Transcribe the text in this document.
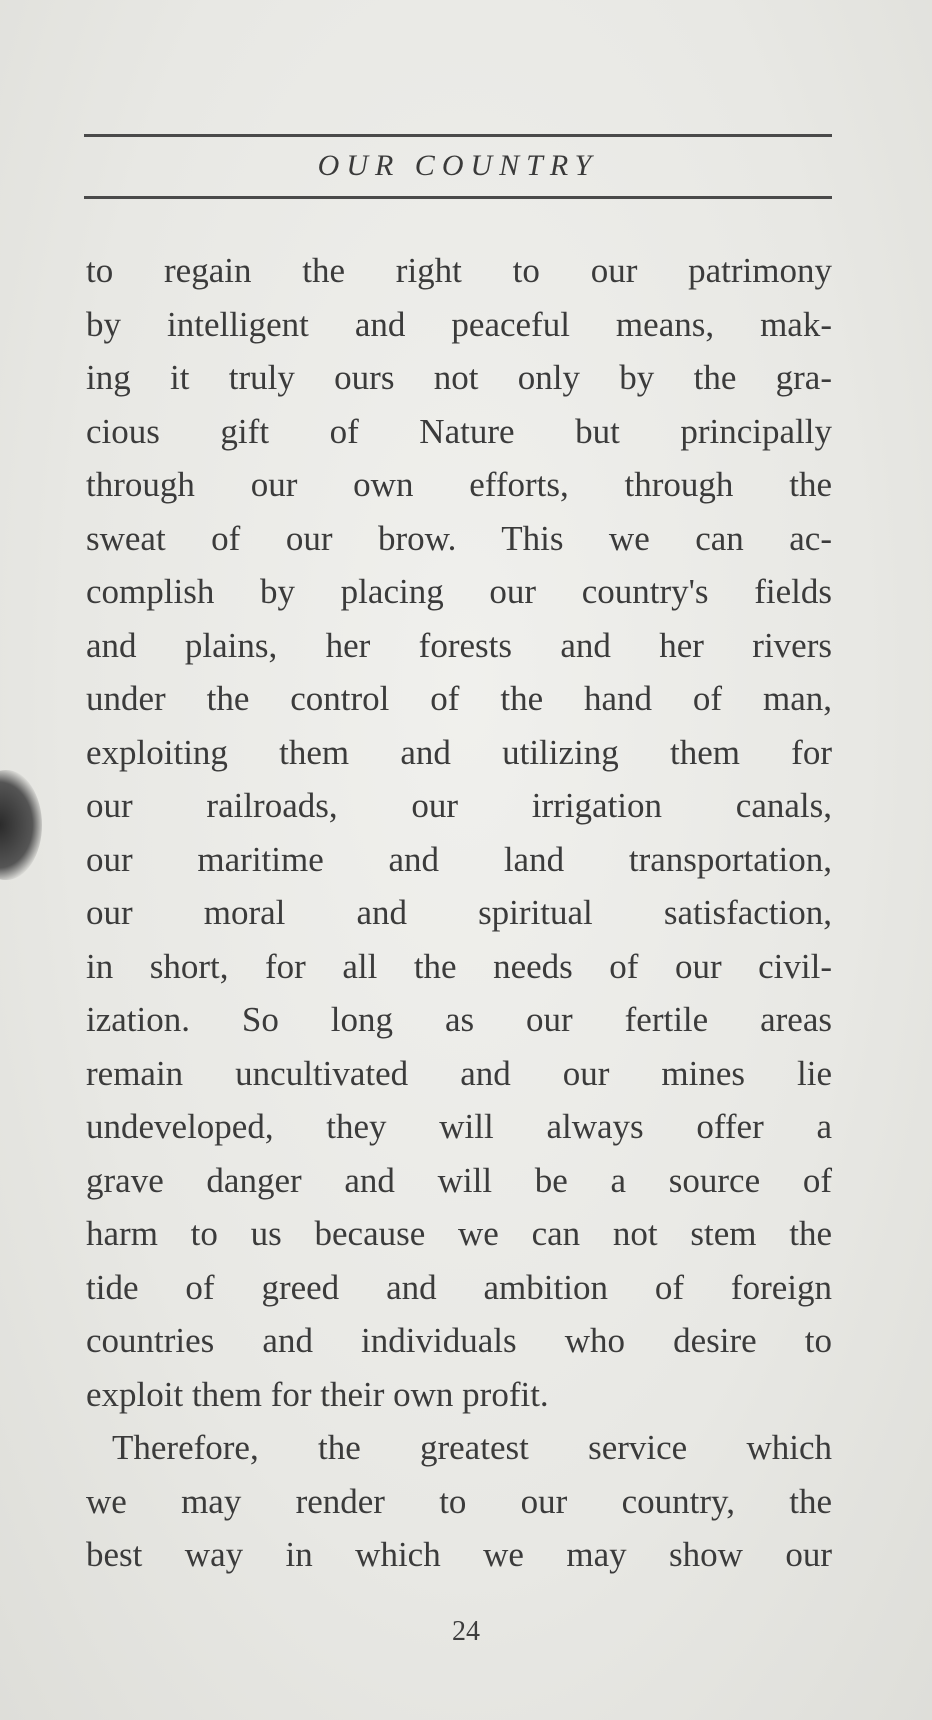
OUR COUNTRY
to regain the right to our patrimony
by intelligent and peaceful means, mak-
ing it truly ours not only by the gra-
cious gift of Nature but principally
through our own efforts, through the
sweat of our brow. This we can ac-
complish by placing our country's fields
and plains, her forests and her rivers
under the control of the hand of man,
exploiting them and utilizing them for
our railroads, our irrigation canals,
our maritime and land transportation,
our moral and spiritual satisfaction,
in short, for all the needs of our civil-
ization. So long as our fertile areas
remain uncultivated and our mines lie
undeveloped, they will always offer a
grave danger and will be a source of
harm to us because we can not stem the
tide of greed and ambition of foreign
countries and individuals who desire to
exploit them for their own profit.
Therefore, the greatest service which
we may render to our country, the
best way in which we may show our
24
